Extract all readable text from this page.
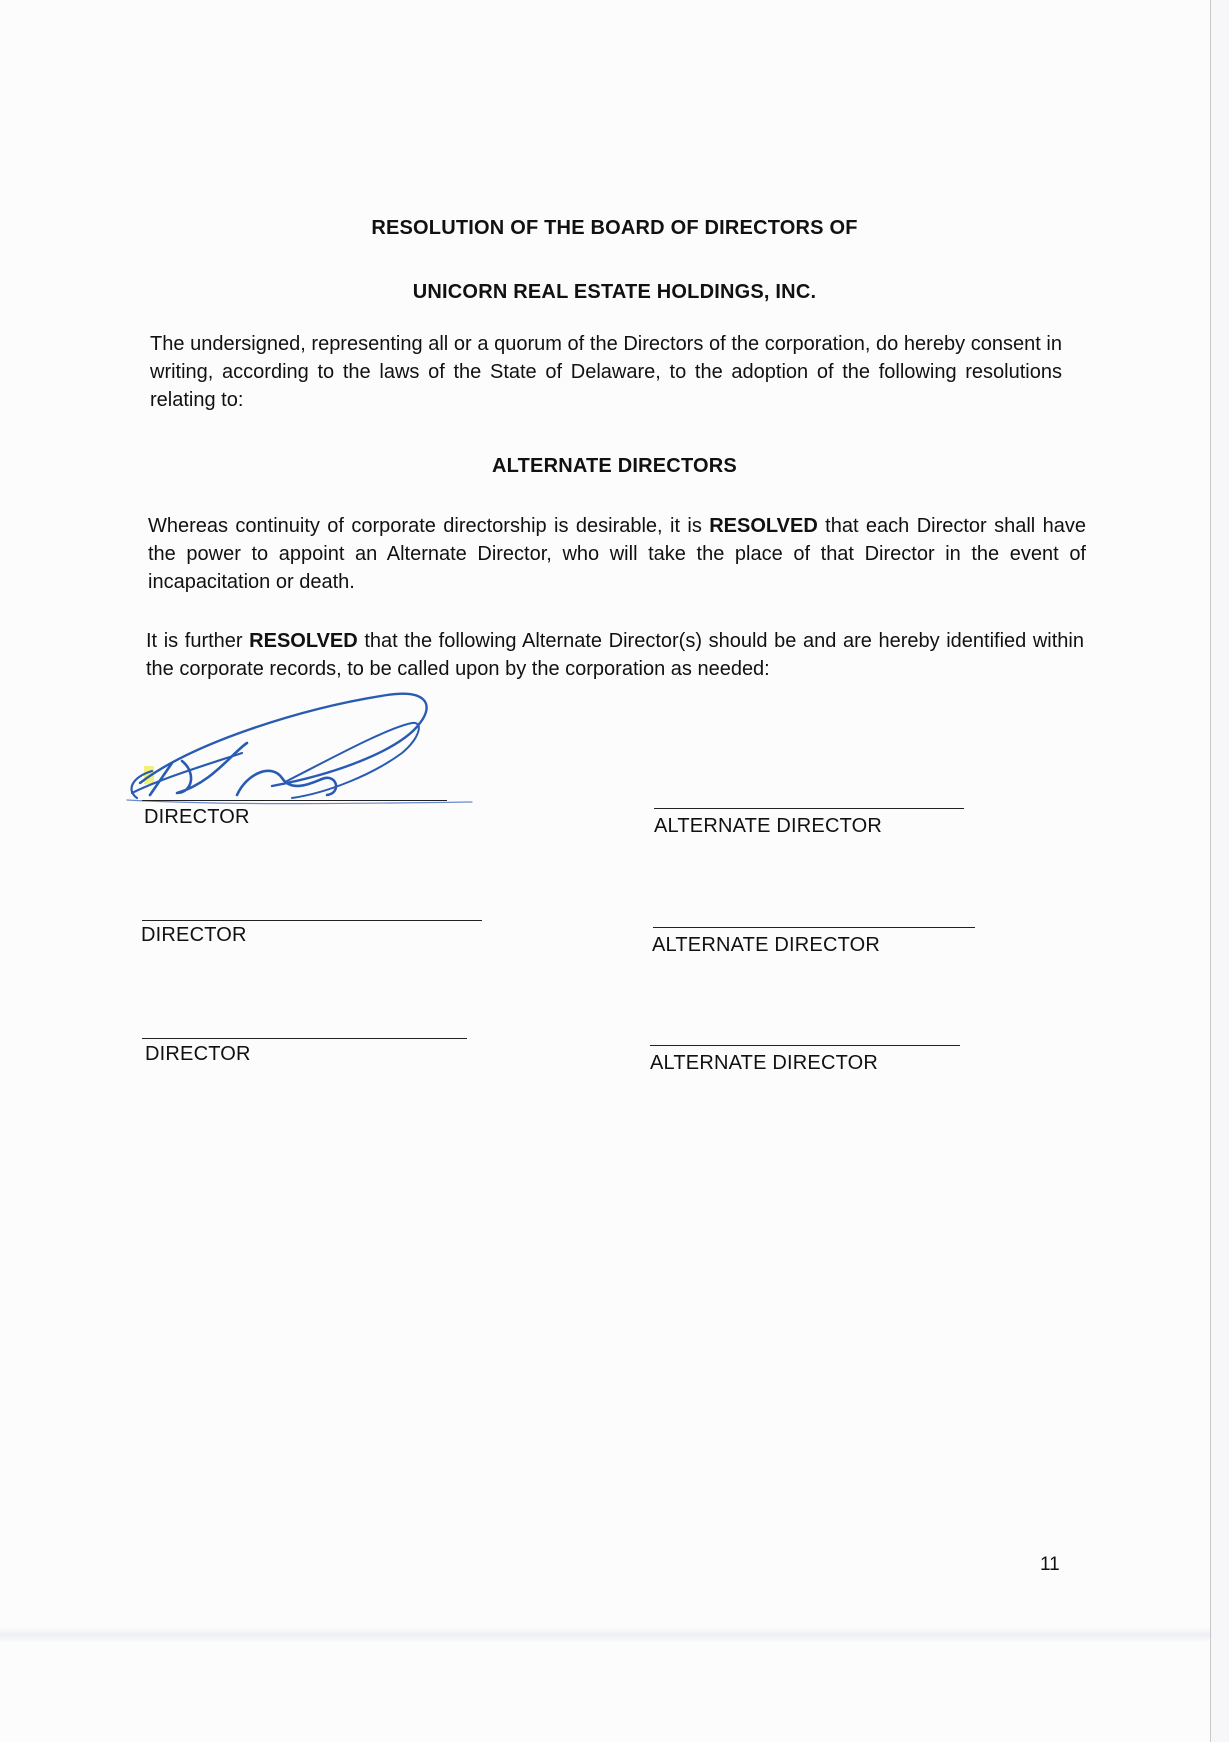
RESOLUTION OF THE BOARD OF DIRECTORS OF
UNICORN REAL ESTATE HOLDINGS, INC.
The undersigned, representing all or a quorum of the Directors of the corporation, do hereby consent in writing, according to the laws of the State of Delaware, to the adoption of the following resolutions relating to:
ALTERNATE DIRECTORS
Whereas continuity of corporate directorship is desirable, it is RESOLVED that each Director shall have the power to appoint an Alternate Director, who will take the place of that Director in the event of incapacitation or death.
It is further RESOLVED that the following Alternate Director(s) should be and are hereby identified within the corporate records, to be called upon by the corporation as needed:
DIRECTOR	ALTERNATE DIRECTOR
DIRECTOR	ALTERNATE DIRECTOR
DIRECTOR	ALTERNATE DIRECTOR
11
